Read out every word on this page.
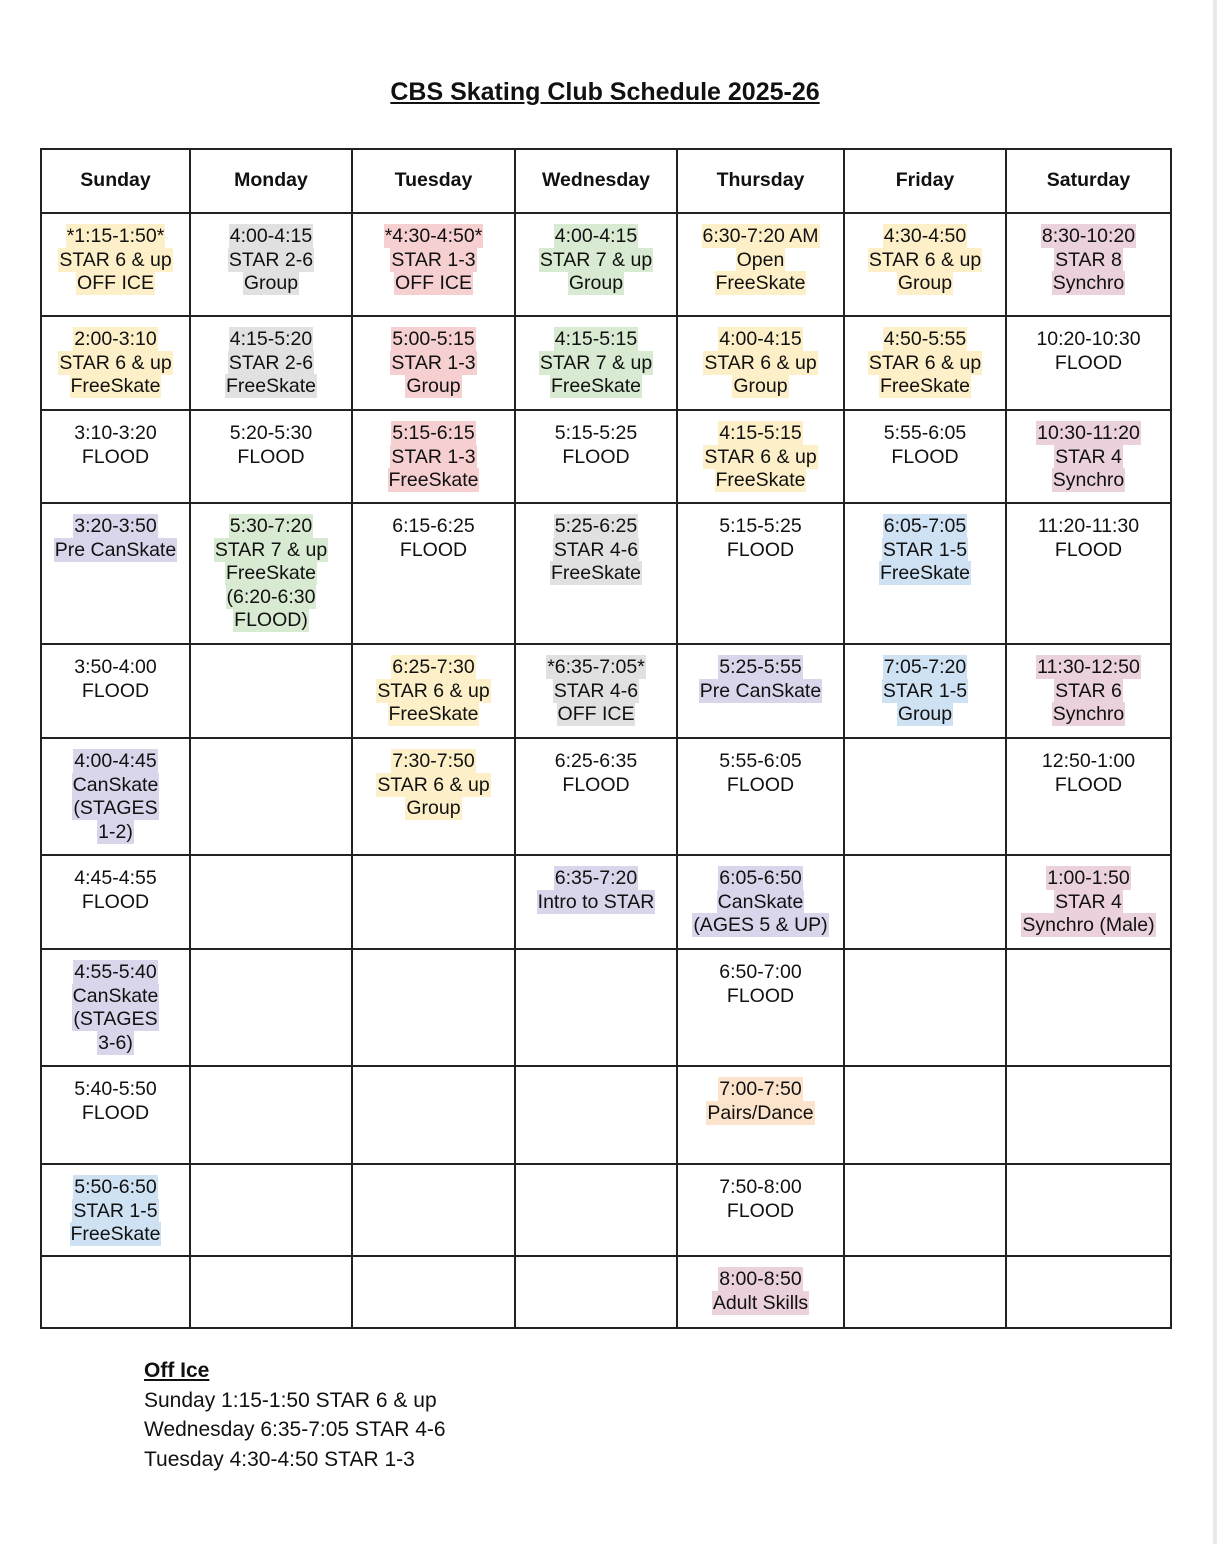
CBS Skating Club Schedule 2025-26
Sunday	Monday	Tuesday	Wednesday	Thursday	Friday	Saturday
*1:15-1:50*
STAR 6 & up
OFF ICE	4:00-4:15
STAR 2-6
Group	*4:30-4:50*
STAR 1-3
OFF ICE	4:00-4:15
STAR 7 & up
Group	6:30-7:20 AM
Open
FreeSkate	4:30-4:50
STAR 6 & up
Group	8:30-10:20
STAR 8
Synchro
2:00-3:10
STAR 6 & up
FreeSkate	4:15-5:20
STAR 2-6
FreeSkate	5:00-5:15
STAR 1-3
Group	4:15-5:15
STAR 7 & up
FreeSkate	4:00-4:15
STAR 6 & up
Group	4:50-5:55
STAR 6 & up
FreeSkate	10:20-10:30
FLOOD
3:10-3:20
FLOOD	5:20-5:30
FLOOD	5:15-6:15
STAR 1-3
FreeSkate	5:15-5:25
FLOOD	4:15-5:15
STAR 6 & up
FreeSkate	5:55-6:05
FLOOD	10:30-11:20
STAR 4
Synchro
3:20-3:50
Pre CanSkate	5:30-7:20
STAR 7 & up
FreeSkate
(6:20-6:30
FLOOD)	6:15-6:25
FLOOD	5:25-6:25
STAR 4-6
FreeSkate	5:15-5:25
FLOOD	6:05-7:05
STAR 1-5
FreeSkate	11:20-11:30
FLOOD
3:50-4:00
FLOOD		6:25-7:30
STAR 6 & up
FreeSkate	*6:35-7:05*
STAR 4-6
OFF ICE	5:25-5:55
Pre CanSkate	7:05-7:20
STAR 1-5
Group	11:30-12:50
STAR 6
Synchro
4:00-4:45
CanSkate
(STAGES
1-2)		7:30-7:50
STAR 6 & up
Group	6:25-6:35
FLOOD	5:55-6:05
FLOOD		12:50-1:00
FLOOD
4:45-4:55
FLOOD			6:35-7:20
Intro to STAR	6:05-6:50
CanSkate
(AGES 5 & UP)		1:00-1:50
STAR 4
Synchro (Male)
4:55-5:40
CanSkate
(STAGES
3-6)				6:50-7:00
FLOOD		
5:40-5:50
FLOOD				7:00-7:50
Pairs/Dance		
5:50-6:50
STAR 1-5
FreeSkate				7:50-8:00
FLOOD		
				8:00-8:50
Adult Skills		
Off Ice
Sunday 1:15-1:50 STAR 6 & up
Wednesday 6:35-7:05 STAR 4-6
Tuesday 4:30-4:50 STAR 1-3
